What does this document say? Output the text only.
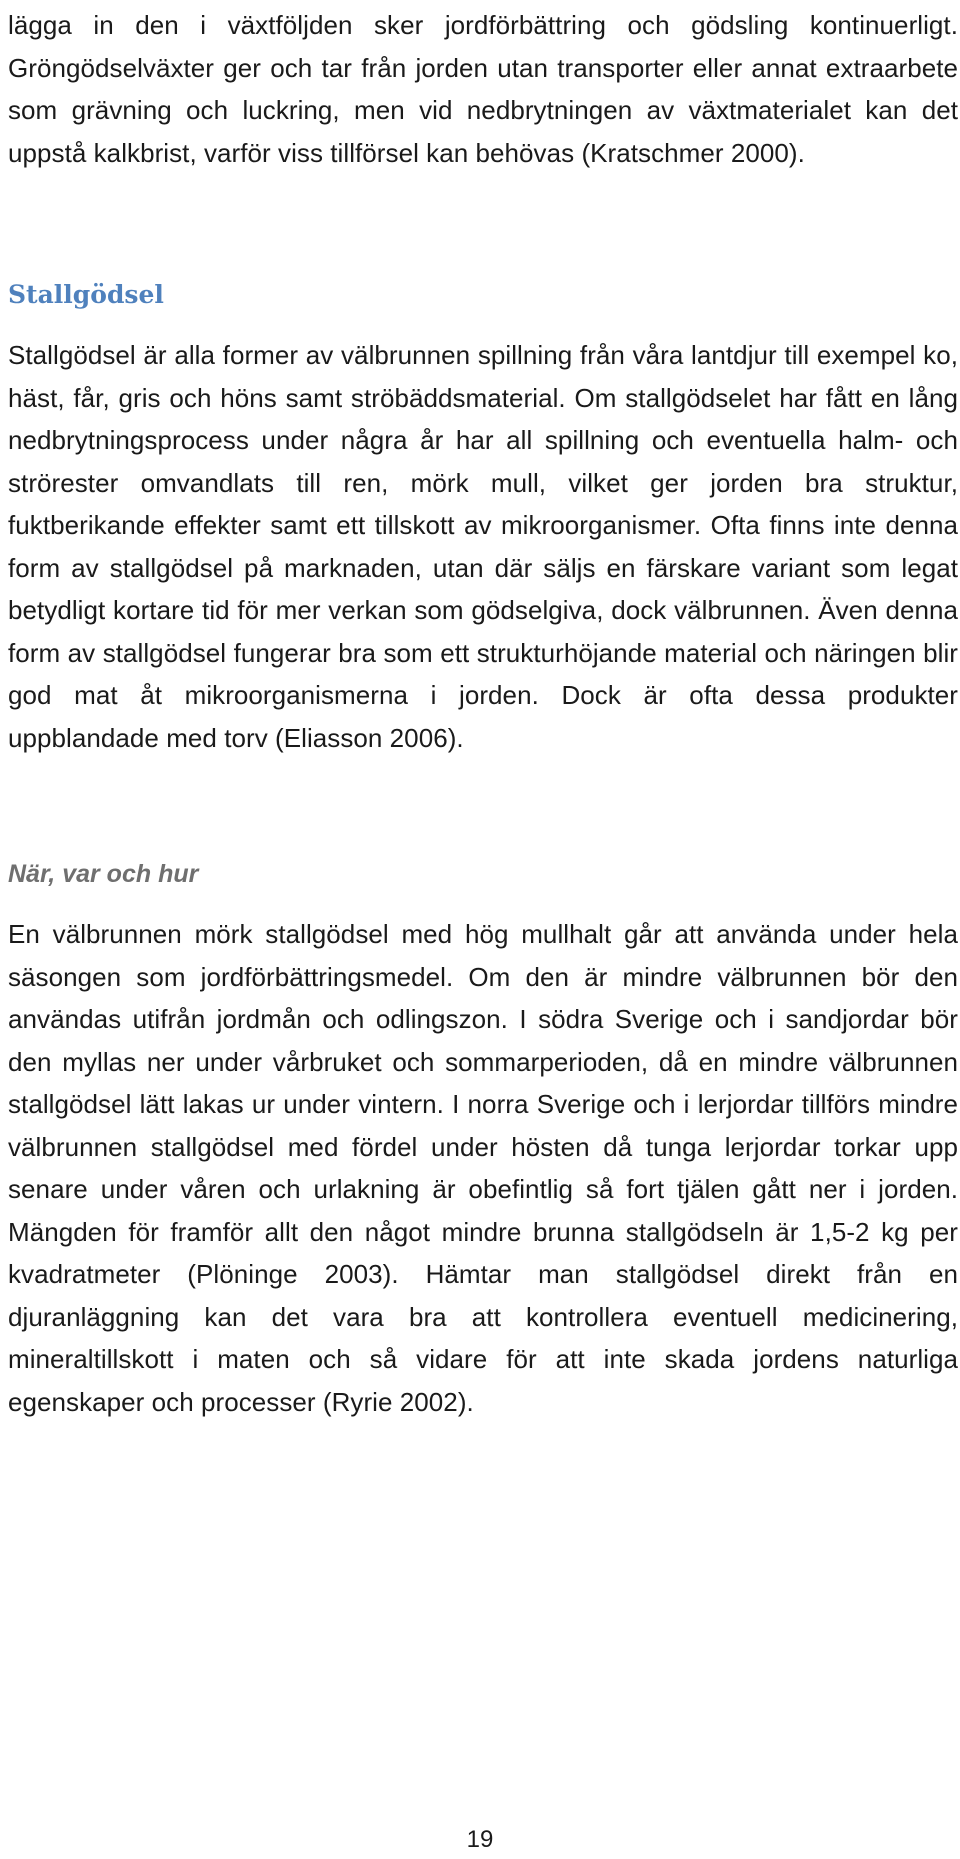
lägga in den i växtföljden sker jordförbättring och gödsling kontinuerligt. Gröngödselväxter ger och tar från jorden utan transporter eller annat extraarbete som grävning och luckring, men vid nedbrytningen av växtmaterialet kan det uppstå kalkbrist, varför viss tillförsel kan behövas (Kratschmer 2000).

Stallgödsel

Stallgödsel är alla former av välbrunnen spillning från våra lantdjur till exempel ko, häst, får, gris och höns samt ströbäddsmaterial. Om stallgödselet har fått en lång nedbrytningsprocess under några år har all spillning och eventuella halm- och strörester omvandlats till ren, mörk mull, vilket ger jorden bra struktur, fuktberikande effekter samt ett tillskott av mikroorganismer. Ofta finns inte denna form av stallgödsel på marknaden, utan där säljs en färskare variant som legat betydligt kortare tid för mer verkan som gödselgiva, dock välbrunnen. Även denna form av stallgödsel fungerar bra som ett strukturhöjande material och näringen blir god mat åt mikroorganismerna i jorden. Dock är ofta dessa produkter uppblandade med torv (Eliasson 2006).

När, var och hur

En välbrunnen mörk stallgödsel med hög mullhalt går att använda under hela säsongen som jordförbättringsmedel. Om den är mindre välbrunnen bör den användas utifrån jordmån och odlingszon. I södra Sverige och i sandjordar bör den myllas ner under vårbruket och sommarperioden, då en mindre välbrunnen stallgödsel lätt lakas ur under vintern. I norra Sverige och i lerjordar tillförs mindre välbrunnen stallgödsel med fördel under hösten då tunga lerjordar torkar upp senare under våren och urlakning är obefintlig så fort tjälen gått ner i jorden. Mängden för framför allt den något mindre brunna stallgödseln är 1,5-2 kg per kvadratmeter (Plöninge 2003). Hämtar man stallgödsel direkt från en djuranläggning kan det vara bra att kontrollera eventuell medicinering, mineraltillskott i maten och så vidare för att inte skada jordens naturliga egenskaper och processer (Ryrie 2002).

19
